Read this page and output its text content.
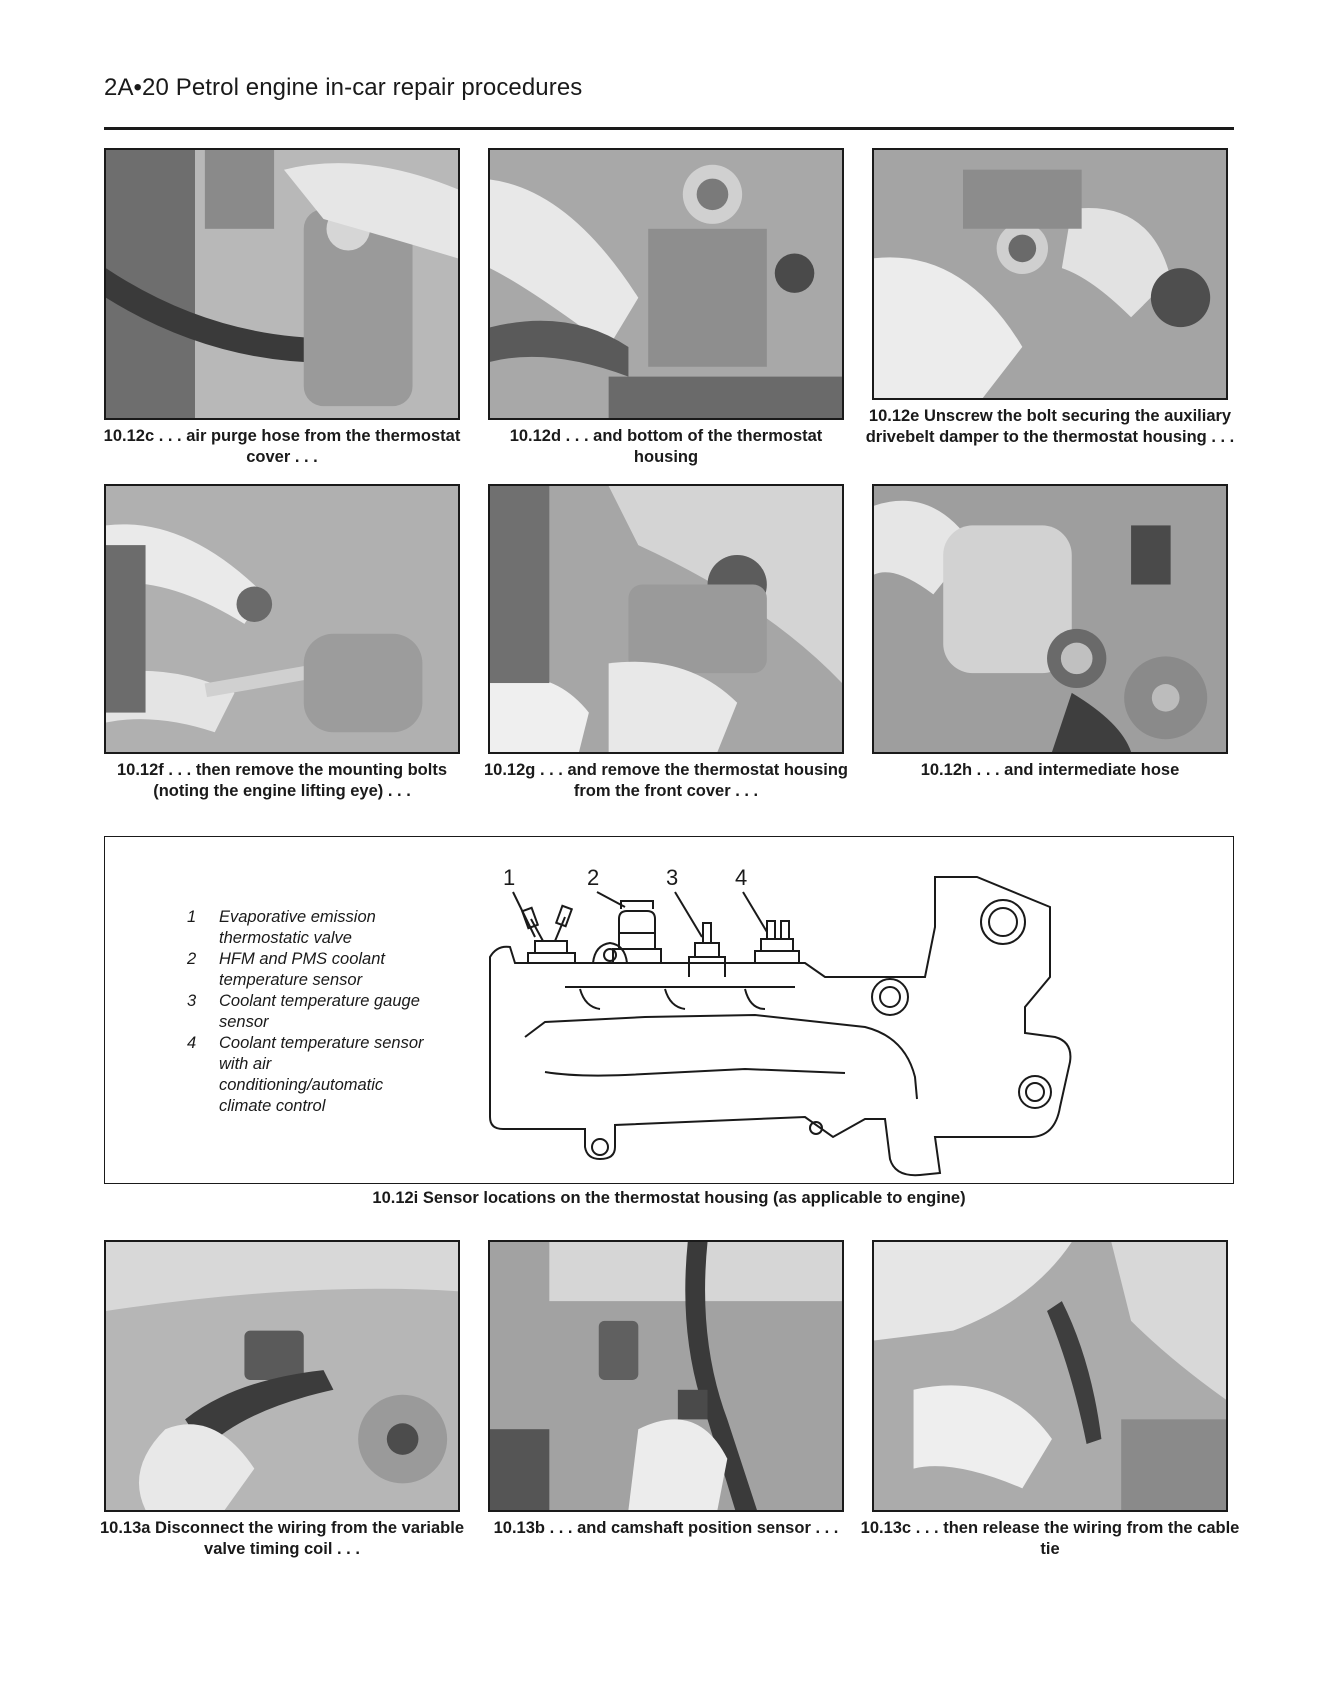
2A•20 Petrol engine in-car repair procedures
10.12c . . . air purge hose from the thermostat cover . . .
10.12d . . . and bottom of the thermostat housing
10.12e Unscrew the bolt securing the auxiliary drivebelt damper to the thermostat housing . . .
10.12f . . . then remove the mounting bolts (noting the engine lifting eye) . . .
10.12g . . . and remove the thermostat housing from the front cover . . .
10.12h . . . and intermediate hose
1	Evaporative emission thermostatic valve
2	HFM and PMS coolant temperature sensor
3	Coolant temperature gauge sensor
4	Coolant temperature sensor with air conditioning/automatic climate control
1	2	3	4
10.12i Sensor locations on the thermostat housing (as applicable to engine)
10.13a Disconnect the wiring from the variable valve timing coil . . .
10.13b . . . and camshaft position sensor . . .	10.13c . . . then release the wiring from the cable tie
